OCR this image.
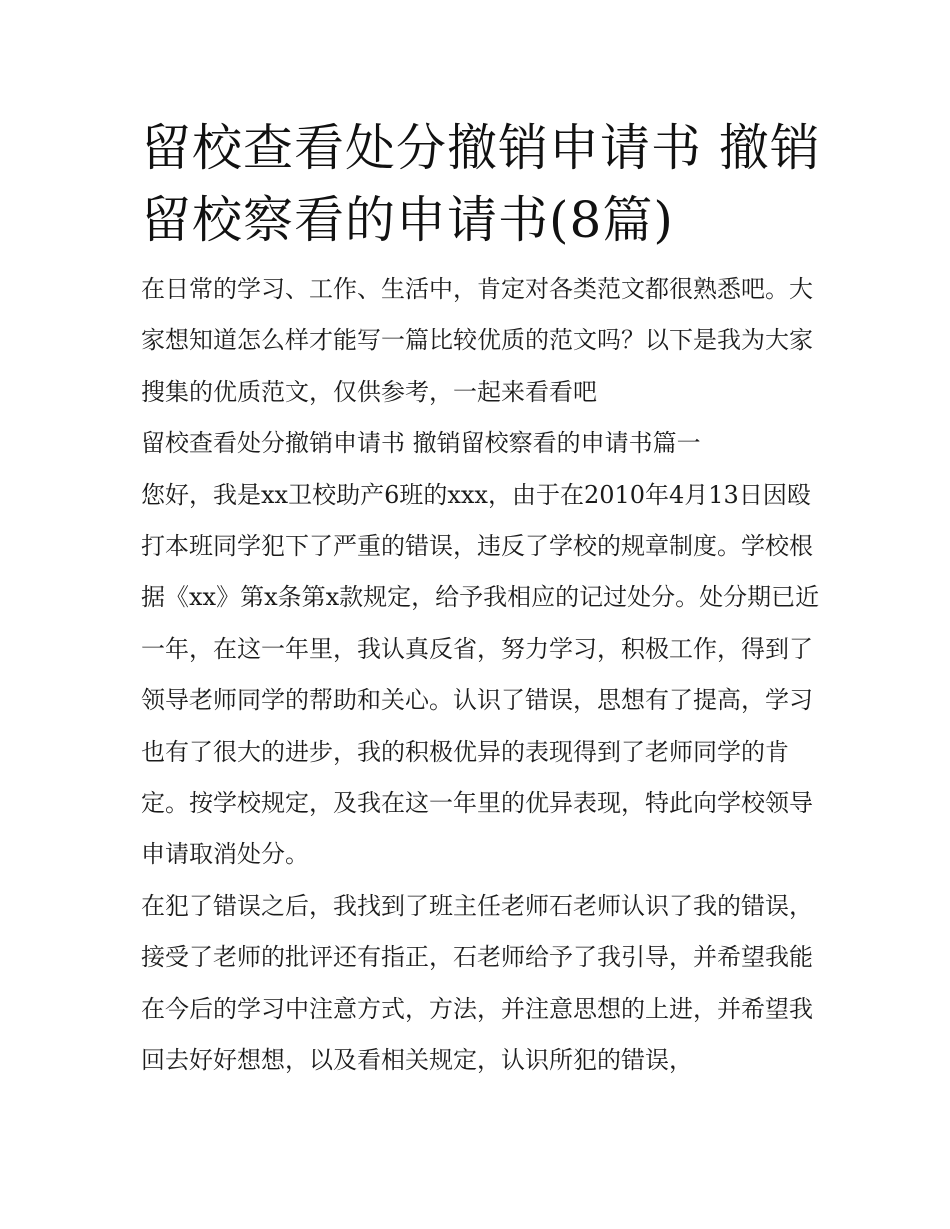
留校查看处分撤销申请书 撤销留校察看的申请书(8篇)

在日常的学习、工作、生活中，肯定对各类范文都很熟悉吧。大家想知道怎么样才能写一篇比较优质的范文吗？以下是我为大家搜集的优质范文，仅供参考，一起来看看吧

留校查看处分撤销申请书 撤销留校察看的申请书篇一

您好，我是xx卫校助产6班的xxx，由于在2010年4月13日因殴打本班同学犯下了严重的错误，违反了学校的规章制度。学校根据《xx》第x条第x款规定，给予我相应的记过处分。处分期已近一年，在这一年里，我认真反省，努力学习，积极工作，得到了领导老师同学的帮助和关心。认识了错误，思想有了提高，学习也有了很大的进步，我的积极优异的表现得到了老师同学的肯定。按学校规定，及我在这一年里的优异表现，特此向学校领导申请取消处分。

在犯了错误之后，我找到了班主任老师石老师认识了我的错误，接受了老师的批评还有指正，石老师给予了我引导，并希望我能在今后的学习中注意方式，方法，并注意思想的上进，并希望我回去好好想想，以及看相关规定，认识所犯的错误，
